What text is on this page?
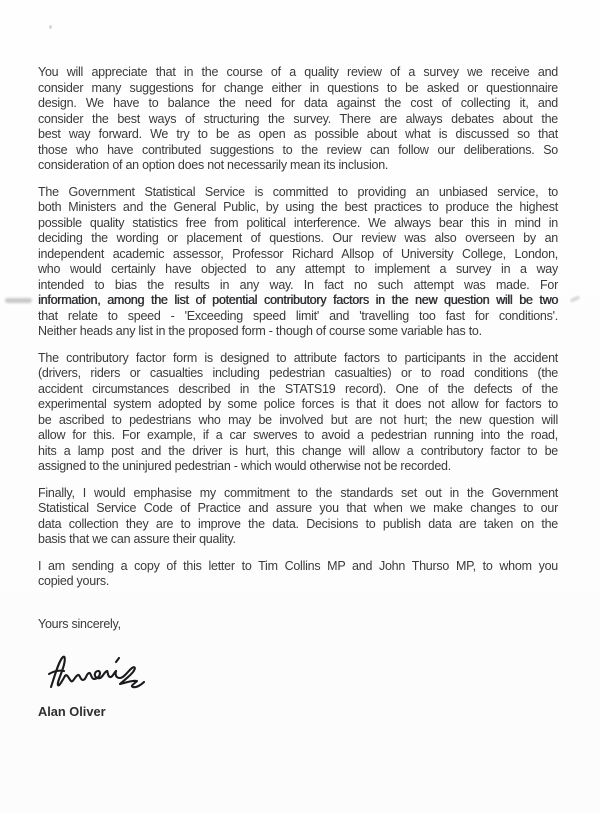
You will appreciate that in the course of a quality review of a survey we receive and
consider many suggestions for change either in questions to be asked or questionnaire
design. We have to balance the need for data against the cost of collecting it, and
consider the best ways of structuring the survey. There are always debates about the
best way forward. We try to be as open as possible about what is discussed so that
those who have contributed suggestions to the review can follow our deliberations. So
consideration of an option does not necessarily mean its inclusion.
The Government Statistical Service is committed to providing an unbiased service, to
both Ministers and the General Public, by using the best practices to produce the highest
possible quality statistics free from political interference. We always bear this in mind in
deciding the wording or placement of questions. Our review was also overseen by an
independent academic assessor, Professor Richard Allsop of University College, London,
who would certainly have objected to any attempt to implement a survey in a way
intended to bias the results in any way. In fact no such attempt was made. For
information, among the list of potential contributory factors in the new question will be two
that relate to speed - 'Exceeding speed limit' and 'travelling too fast for conditions'.
Neither heads any list in the proposed form - though of course some variable has to.
The contributory factor form is designed to attribute factors to participants in the accident
(drivers, riders or casualties including pedestrian casualties) or to road conditions (the
accident circumstances described in the STATS19 record). One of the defects of the
experimental system adopted by some police forces is that it does not allow for factors to
be ascribed to pedestrians who may be involved but are not hurt; the new question will
allow for this. For example, if a car swerves to avoid a pedestrian running into the road,
hits a lamp post and the driver is hurt, this change will allow a contributory factor to be
assigned to the uninjured pedestrian - which would otherwise not be recorded.
Finally, I would emphasise my commitment to the standards set out in the Government
Statistical Service Code of Practice and assure you that when we make changes to our
data collection they are to improve the data. Decisions to publish data are taken on the
basis that we can assure their quality.
I am sending a copy of this letter to Tim Collins MP and John Thurso MP, to whom you
copied yours.
Yours sincerely,
Alan Oliver
